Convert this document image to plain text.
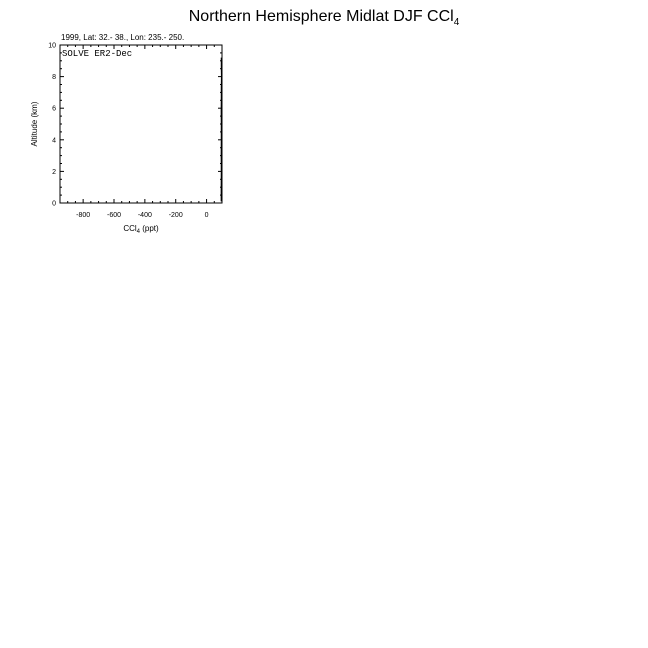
Northern Hemisphere Midlat DJF CCl$_4$
-800 -600 -400 -200	0
0
2
4
6
8
10
1999, Lat: 32.- 38., Lon: 235.- 250.
SOLVE ER2-Dec
Altitude (km)
CCl$_4$ (ppt)
